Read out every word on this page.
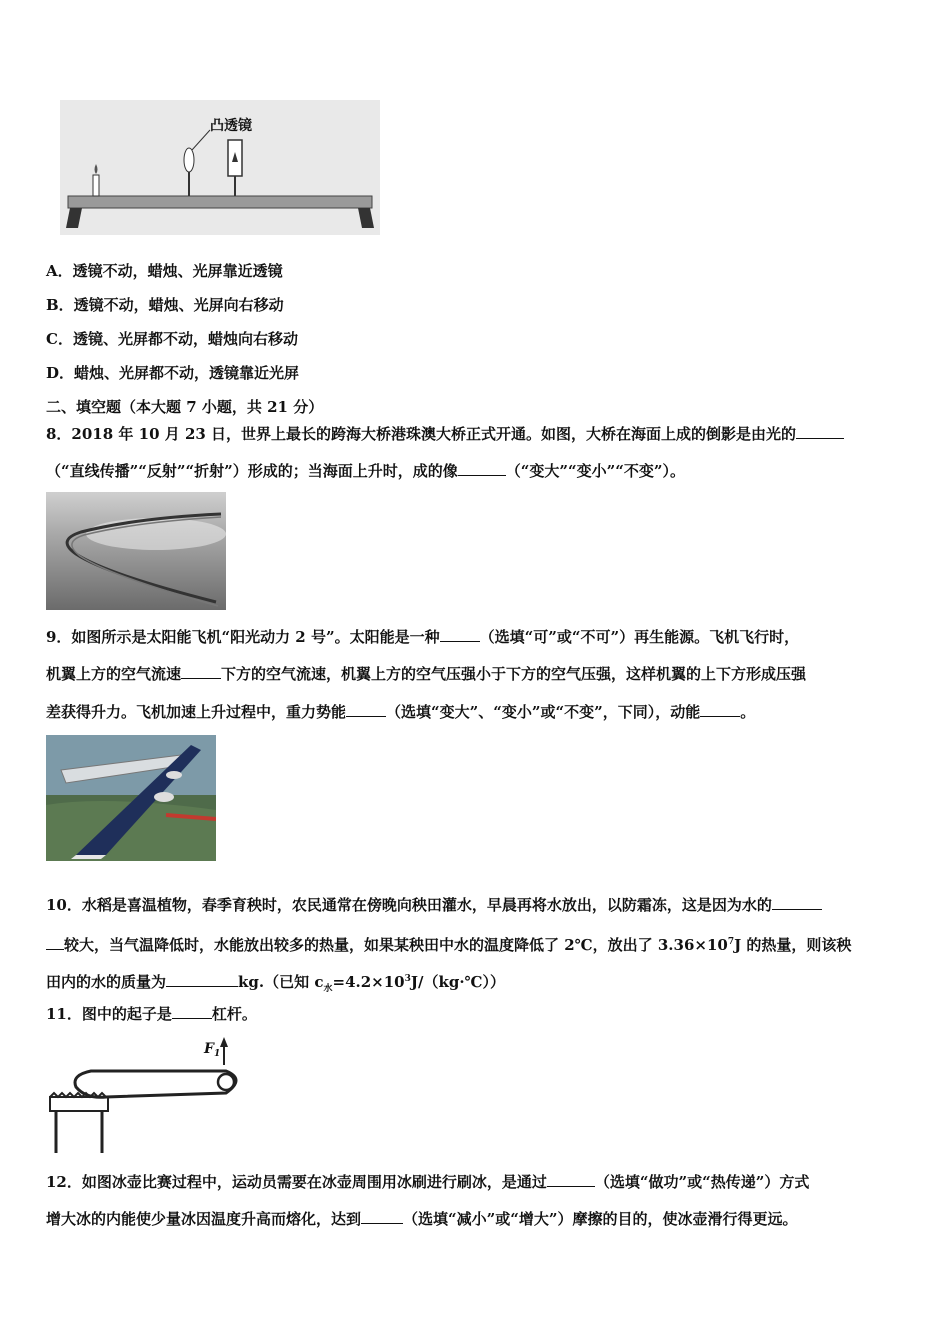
凸透镜
A．透镜不动，蜡烛、光屏靠近透镜
B．透镜不动，蜡烛、光屏向右移动
C．透镜、光屏都不动，蜡烛向右移动
D．蜡烛、光屏都不动，透镜靠近光屏
二、填空题（本大题 7 小题，共 21 分）
8．2018 年 10 月 23 日，世界上最长的跨海大桥港珠澳大桥正式开通。如图，大桥在海面上成的倒影是由光的
（“直线传播”“反射”“折射”）形成的；当海面上升时，成的像	（“变大”“变小”“不变”）。
9．如图所示是太阳能飞机“阳光动力 2 号”。太阳能是一种	（选填“可”或“不可”）再生能源。飞机飞行时，
机翼上方的空气流速	下方的空气流速，机翼上方的空气压强小于下方的空气压强，这样机翼的上下方形成压强
差获得升力。飞机加速上升过程中，重力势能	（选填“变大”、“变小”或“不变”，下同），动能	。
10．水稻是喜温植物，春季育秧时，农民通常在傍晚向秧田灌水，早晨再将水放出，以防霜冻，这是因为水的
较大，当气温降低时，水能放出较多的热量，如果某秧田中水的温度降低了 2℃，放出了 $3.36\times 10^7J$ 的热量，则该秧
田内的水的质量为	kg.（已知 $c_水=4.2\times 10^3J/(kg\cdot℃)$）
11．图中的起子是	杠杆。
$F_1$
12．如图冰壶比赛过程中，运动员需要在冰壶周围用冰刷进行刷冰，是通过	（选填“做功”或“热传递”）方式
增大冰的内能使少量冰因温度升高而熔化，达到	（选填“减小”或“增大”）摩擦的目的，使冰壶滑行得更远。
